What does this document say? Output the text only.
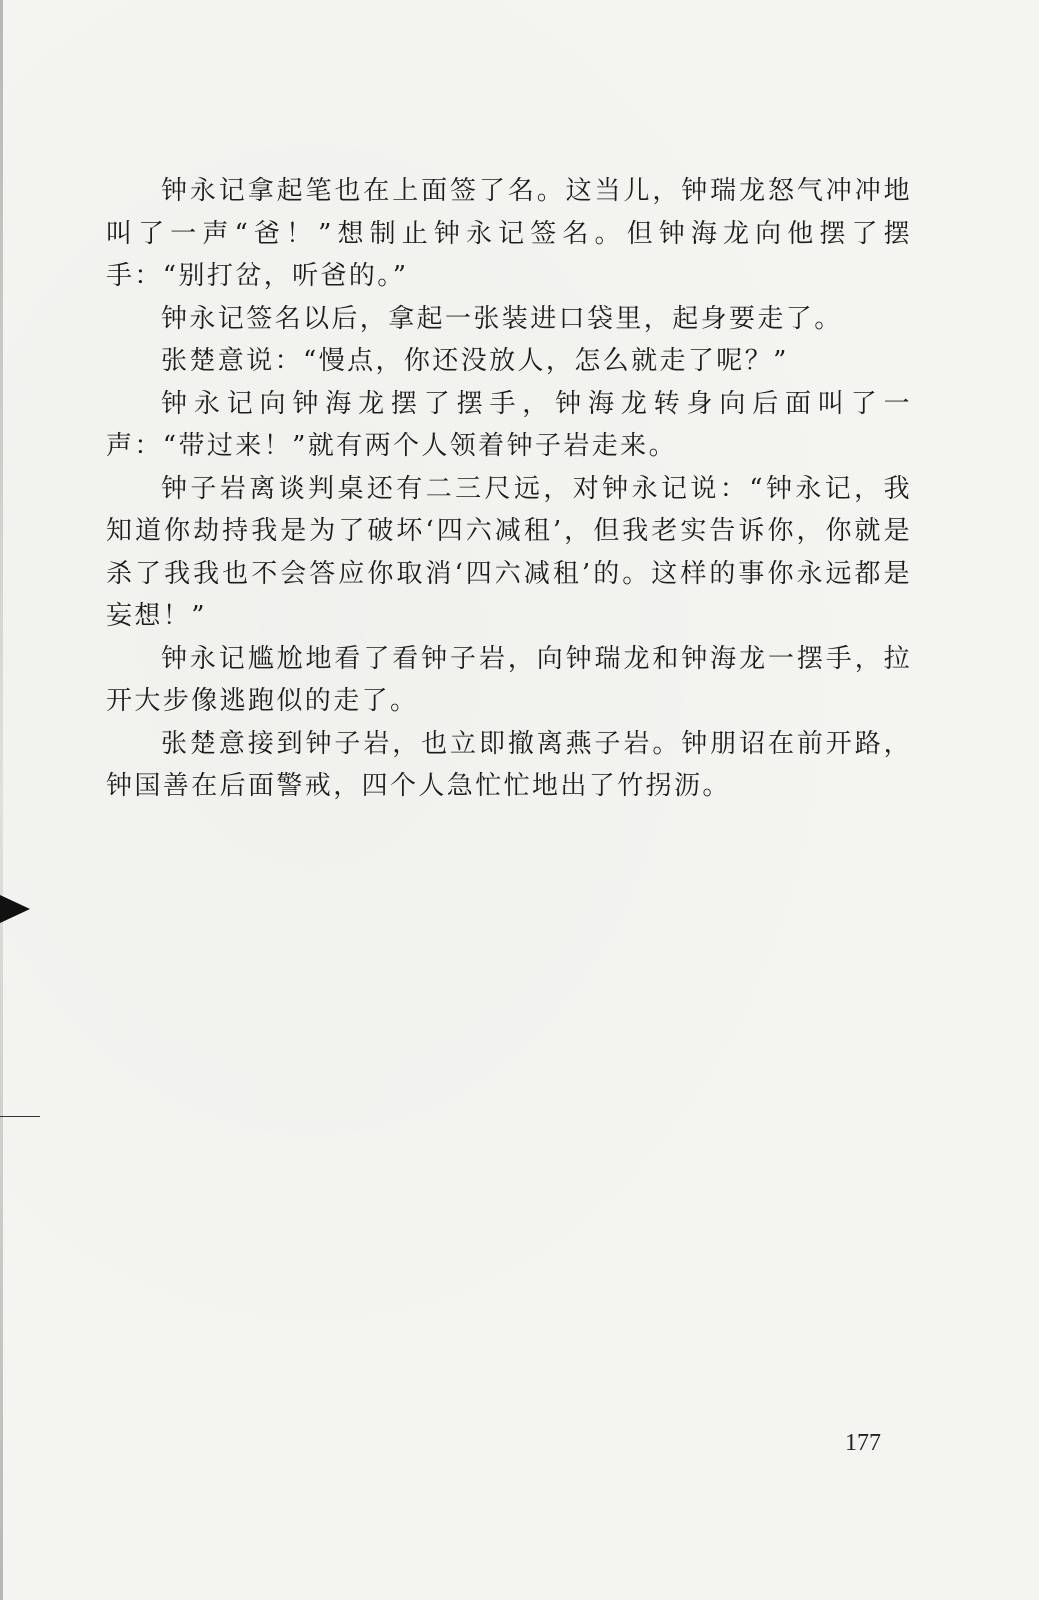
钟永记拿起笔也在上面签了名。这当儿，钟瑞龙怒气冲冲地叫了一声“爸！”想制止钟永记签名。但钟海龙向他摆了摆手：“别打岔，听爸的。”

钟永记签名以后，拿起一张装进口袋里，起身要走了。

张楚意说：“慢点，你还没放人，怎么就走了呢？”

钟永记向钟海龙摆了摆手，钟海龙转身向后面叫了一声：“带过来！”就有两个人领着钟子岩走来。

钟子岩离谈判桌还有二三尺远，对钟永记说：“钟永记，我知道你劫持我是为了破坏‘四六减租’，但我老实告诉你，你就是杀了我我也不会答应你取消‘四六减租’的。这样的事你永远都是妄想！”

钟永记尴尬地看了看钟子岩，向钟瑞龙和钟海龙一摆手，拉开大步像逃跑似的走了。

张楚意接到钟子岩，也立即撤离燕子岩。钟朋诏在前开路，钟国善在后面警戒，四个人急忙忙地出了竹拐沥。

177
